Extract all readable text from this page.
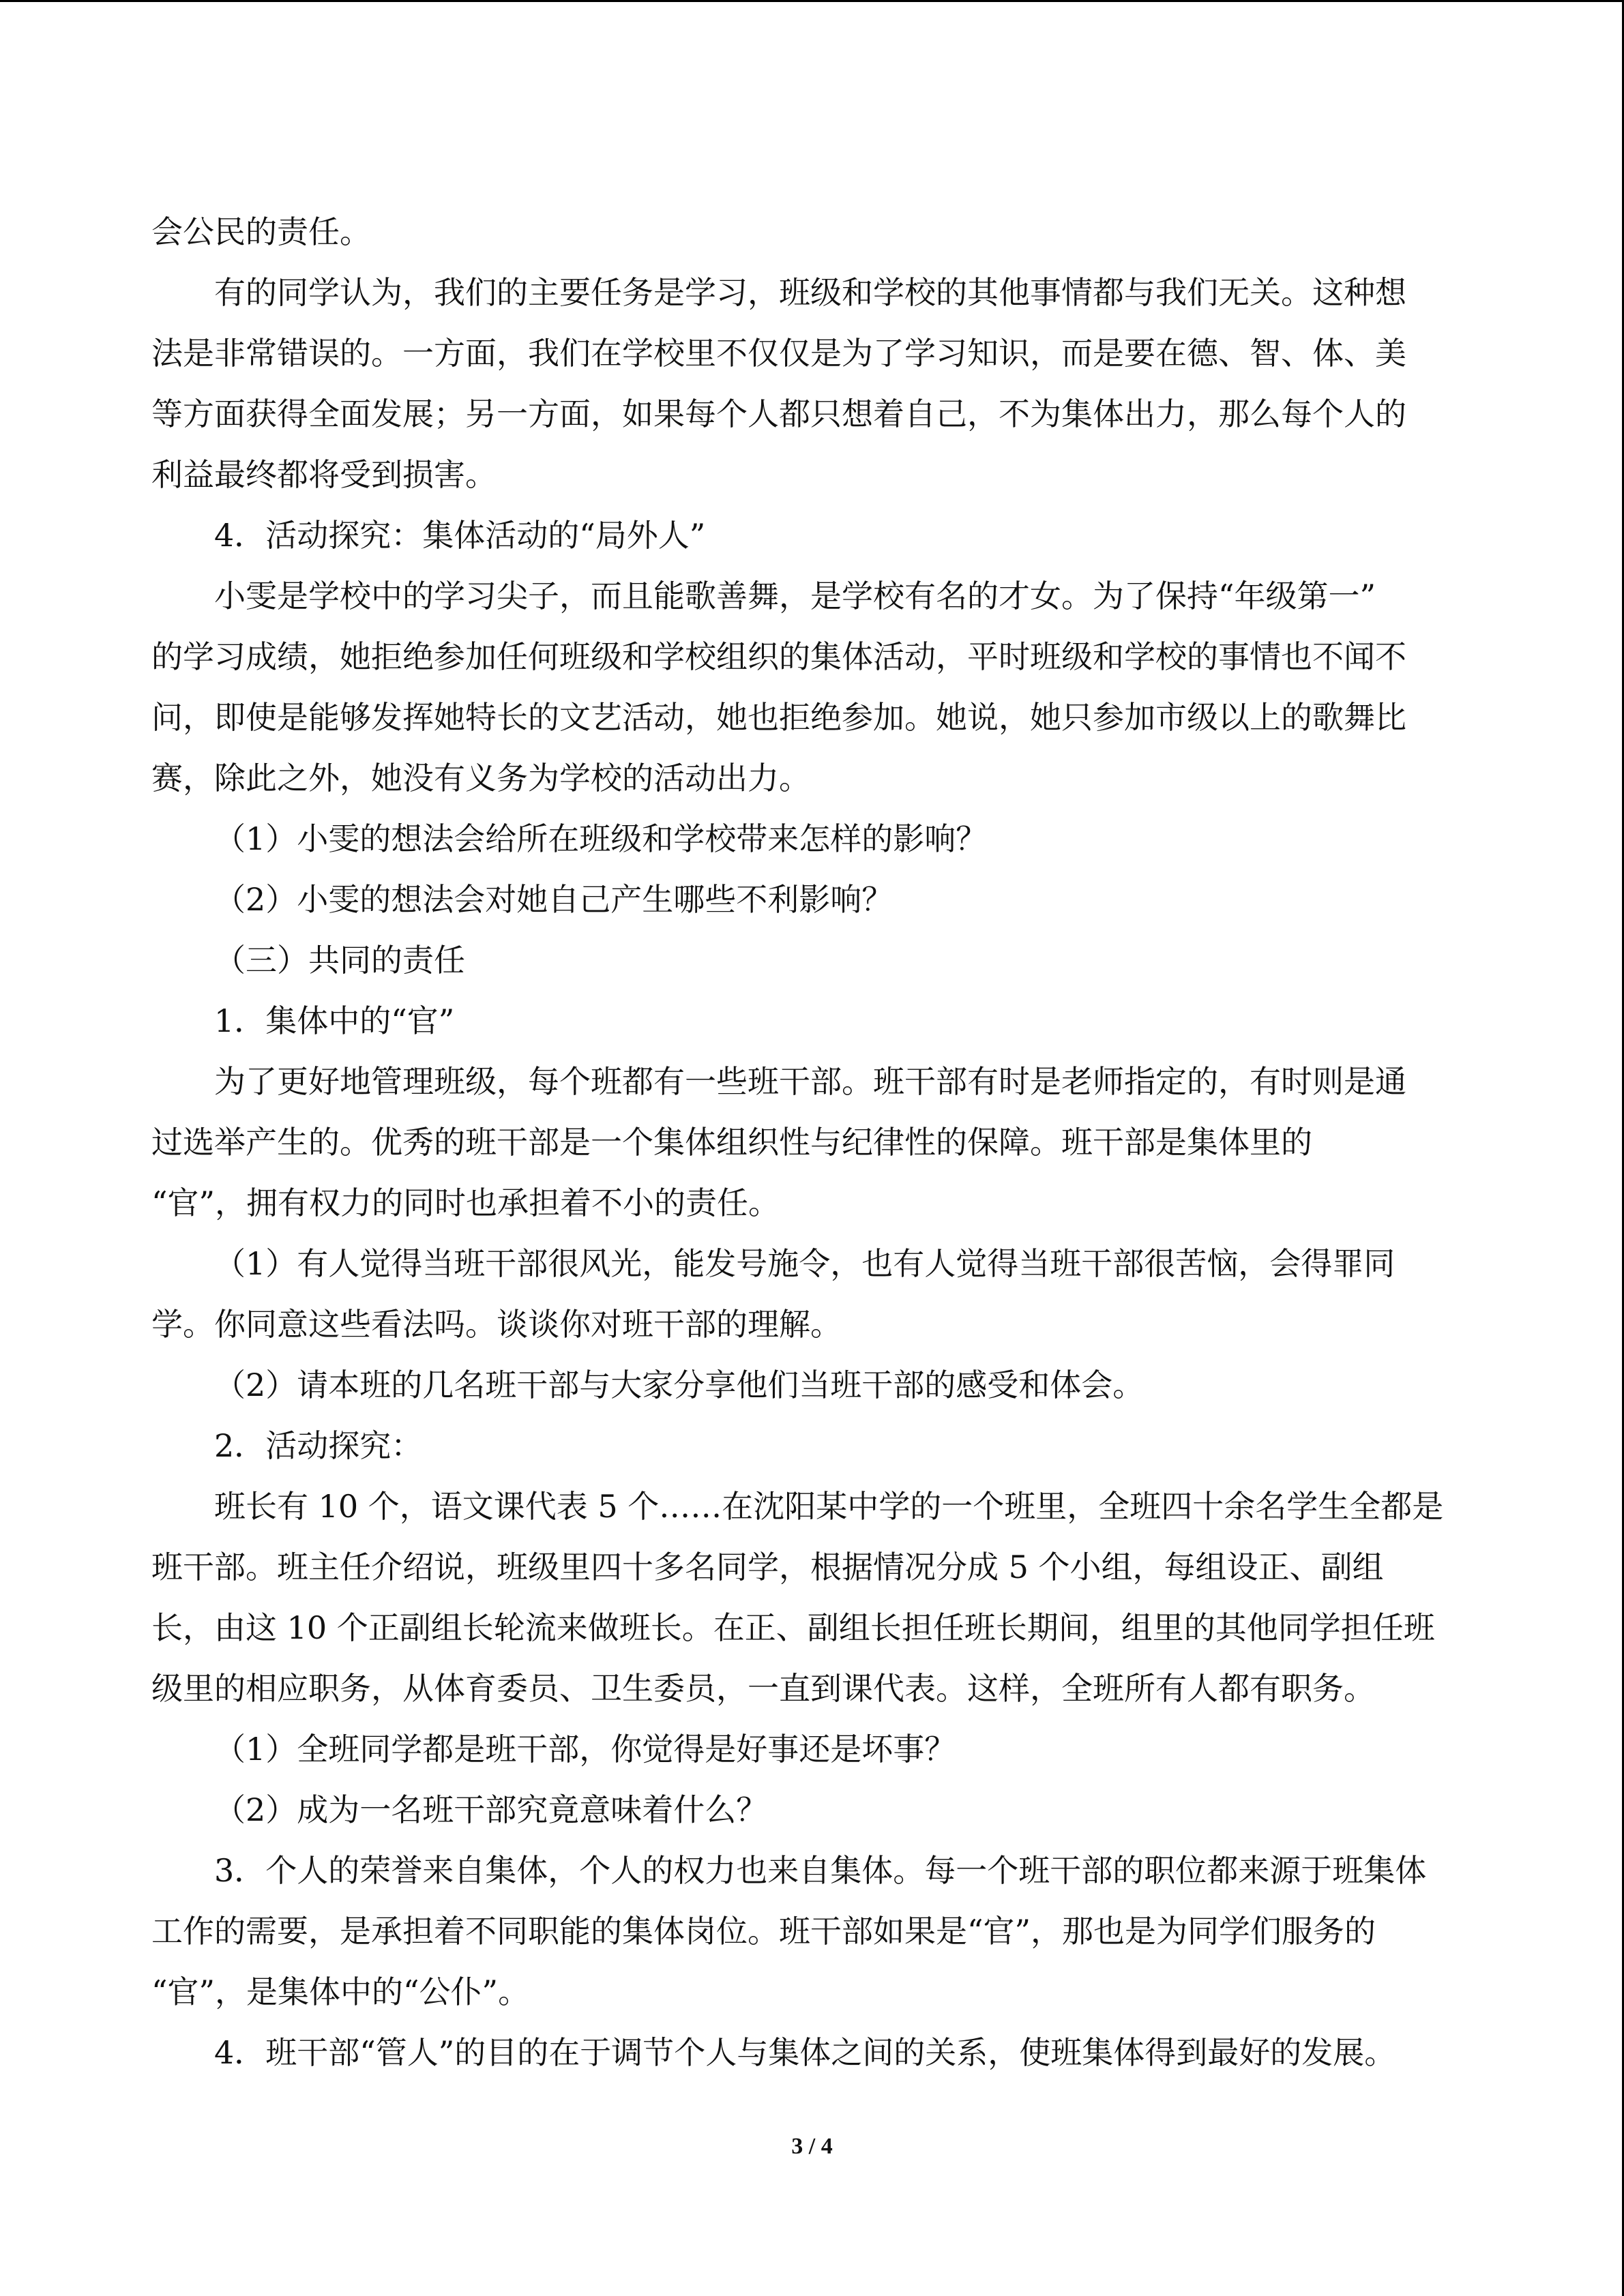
会公民的责任。
有的同学认为，我们的主要任务是学习，班级和学校的其他事情都与我们无关。这种想
法是非常错误的。一方面，我们在学校里不仅仅是为了学习知识，而是要在德、智、体、美
等方面获得全面发展；另一方面，如果每个人都只想着自己，不为集体出力，那么每个人的
利益最终都将受到损害。
4．活动探究：集体活动的“局外人”
小雯是学校中的学习尖子，而且能歌善舞，是学校有名的才女。为了保持“年级第一”
的学习成绩，她拒绝参加任何班级和学校组织的集体活动，平时班级和学校的事情也不闻不
问，即使是能够发挥她特长的文艺活动，她也拒绝参加。她说，她只参加市级以上的歌舞比
赛，除此之外，她没有义务为学校的活动出力。
（1）小雯的想法会给所在班级和学校带来怎样的影响？
（2）小雯的想法会对她自己产生哪些不利影响？
（三）共同的责任
1．集体中的“官”
为了更好地管理班级，每个班都有一些班干部。班干部有时是老师指定的，有时则是通
过选举产生的。优秀的班干部是一个集体组织性与纪律性的保障。班干部是集体里的
“官”，拥有权力的同时也承担着不小的责任。
（1）有人觉得当班干部很风光，能发号施令，也有人觉得当班干部很苦恼，会得罪同
学。你同意这些看法吗。谈谈你对班干部的理解。
（2）请本班的几名班干部与大家分享他们当班干部的感受和体会。
2．活动探究：
班长有 10 个，语文课代表 5 个……在沈阳某中学的一个班里，全班四十余名学生全都是
班干部。班主任介绍说，班级里四十多名同学，根据情况分成 5 个小组，每组设正、副组
长，由这 10 个正副组长轮流来做班长。在正、副组长担任班长期间，组里的其他同学担任班
级里的相应职务，从体育委员、卫生委员，一直到课代表。这样，全班所有人都有职务。
（1）全班同学都是班干部，你觉得是好事还是坏事？
（2）成为一名班干部究竟意味着什么？
3．个人的荣誉来自集体，个人的权力也来自集体。每一个班干部的职位都来源于班集体
工作的需要，是承担着不同职能的集体岗位。班干部如果是“官”，那也是为同学们服务的
“官”，是集体中的“公仆”。
4．班干部“管人”的目的在于调节个人与集体之间的关系，使班集体得到最好的发展。
3 / 4
